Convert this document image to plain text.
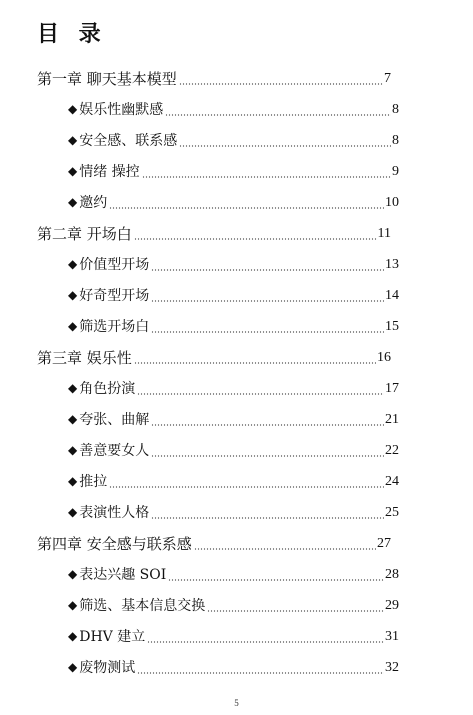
目 录
第一章 聊天基本模型	7
◆ 娱乐性幽默感	8
◆ 安全感、联系感	8
◆ 情绪 操控	9
◆ 邀约	10
第二章 开场白	11
◆ 价值型开场	13
◆ 好奇型开场	14
◆ 筛选开场白	15
第三章 娱乐性	16
◆ 角色扮演	17
◆ 夸张、曲解	21
◆ 善意要女人	22
◆ 推拉	24
◆ 表演性人格	25
第四章 安全感与联系感	27
◆ 表达兴趣 SOI	28
◆ 筛选、基本信息交换	29
◆ DHV 建立	31
◆ 废物测试	32
5
